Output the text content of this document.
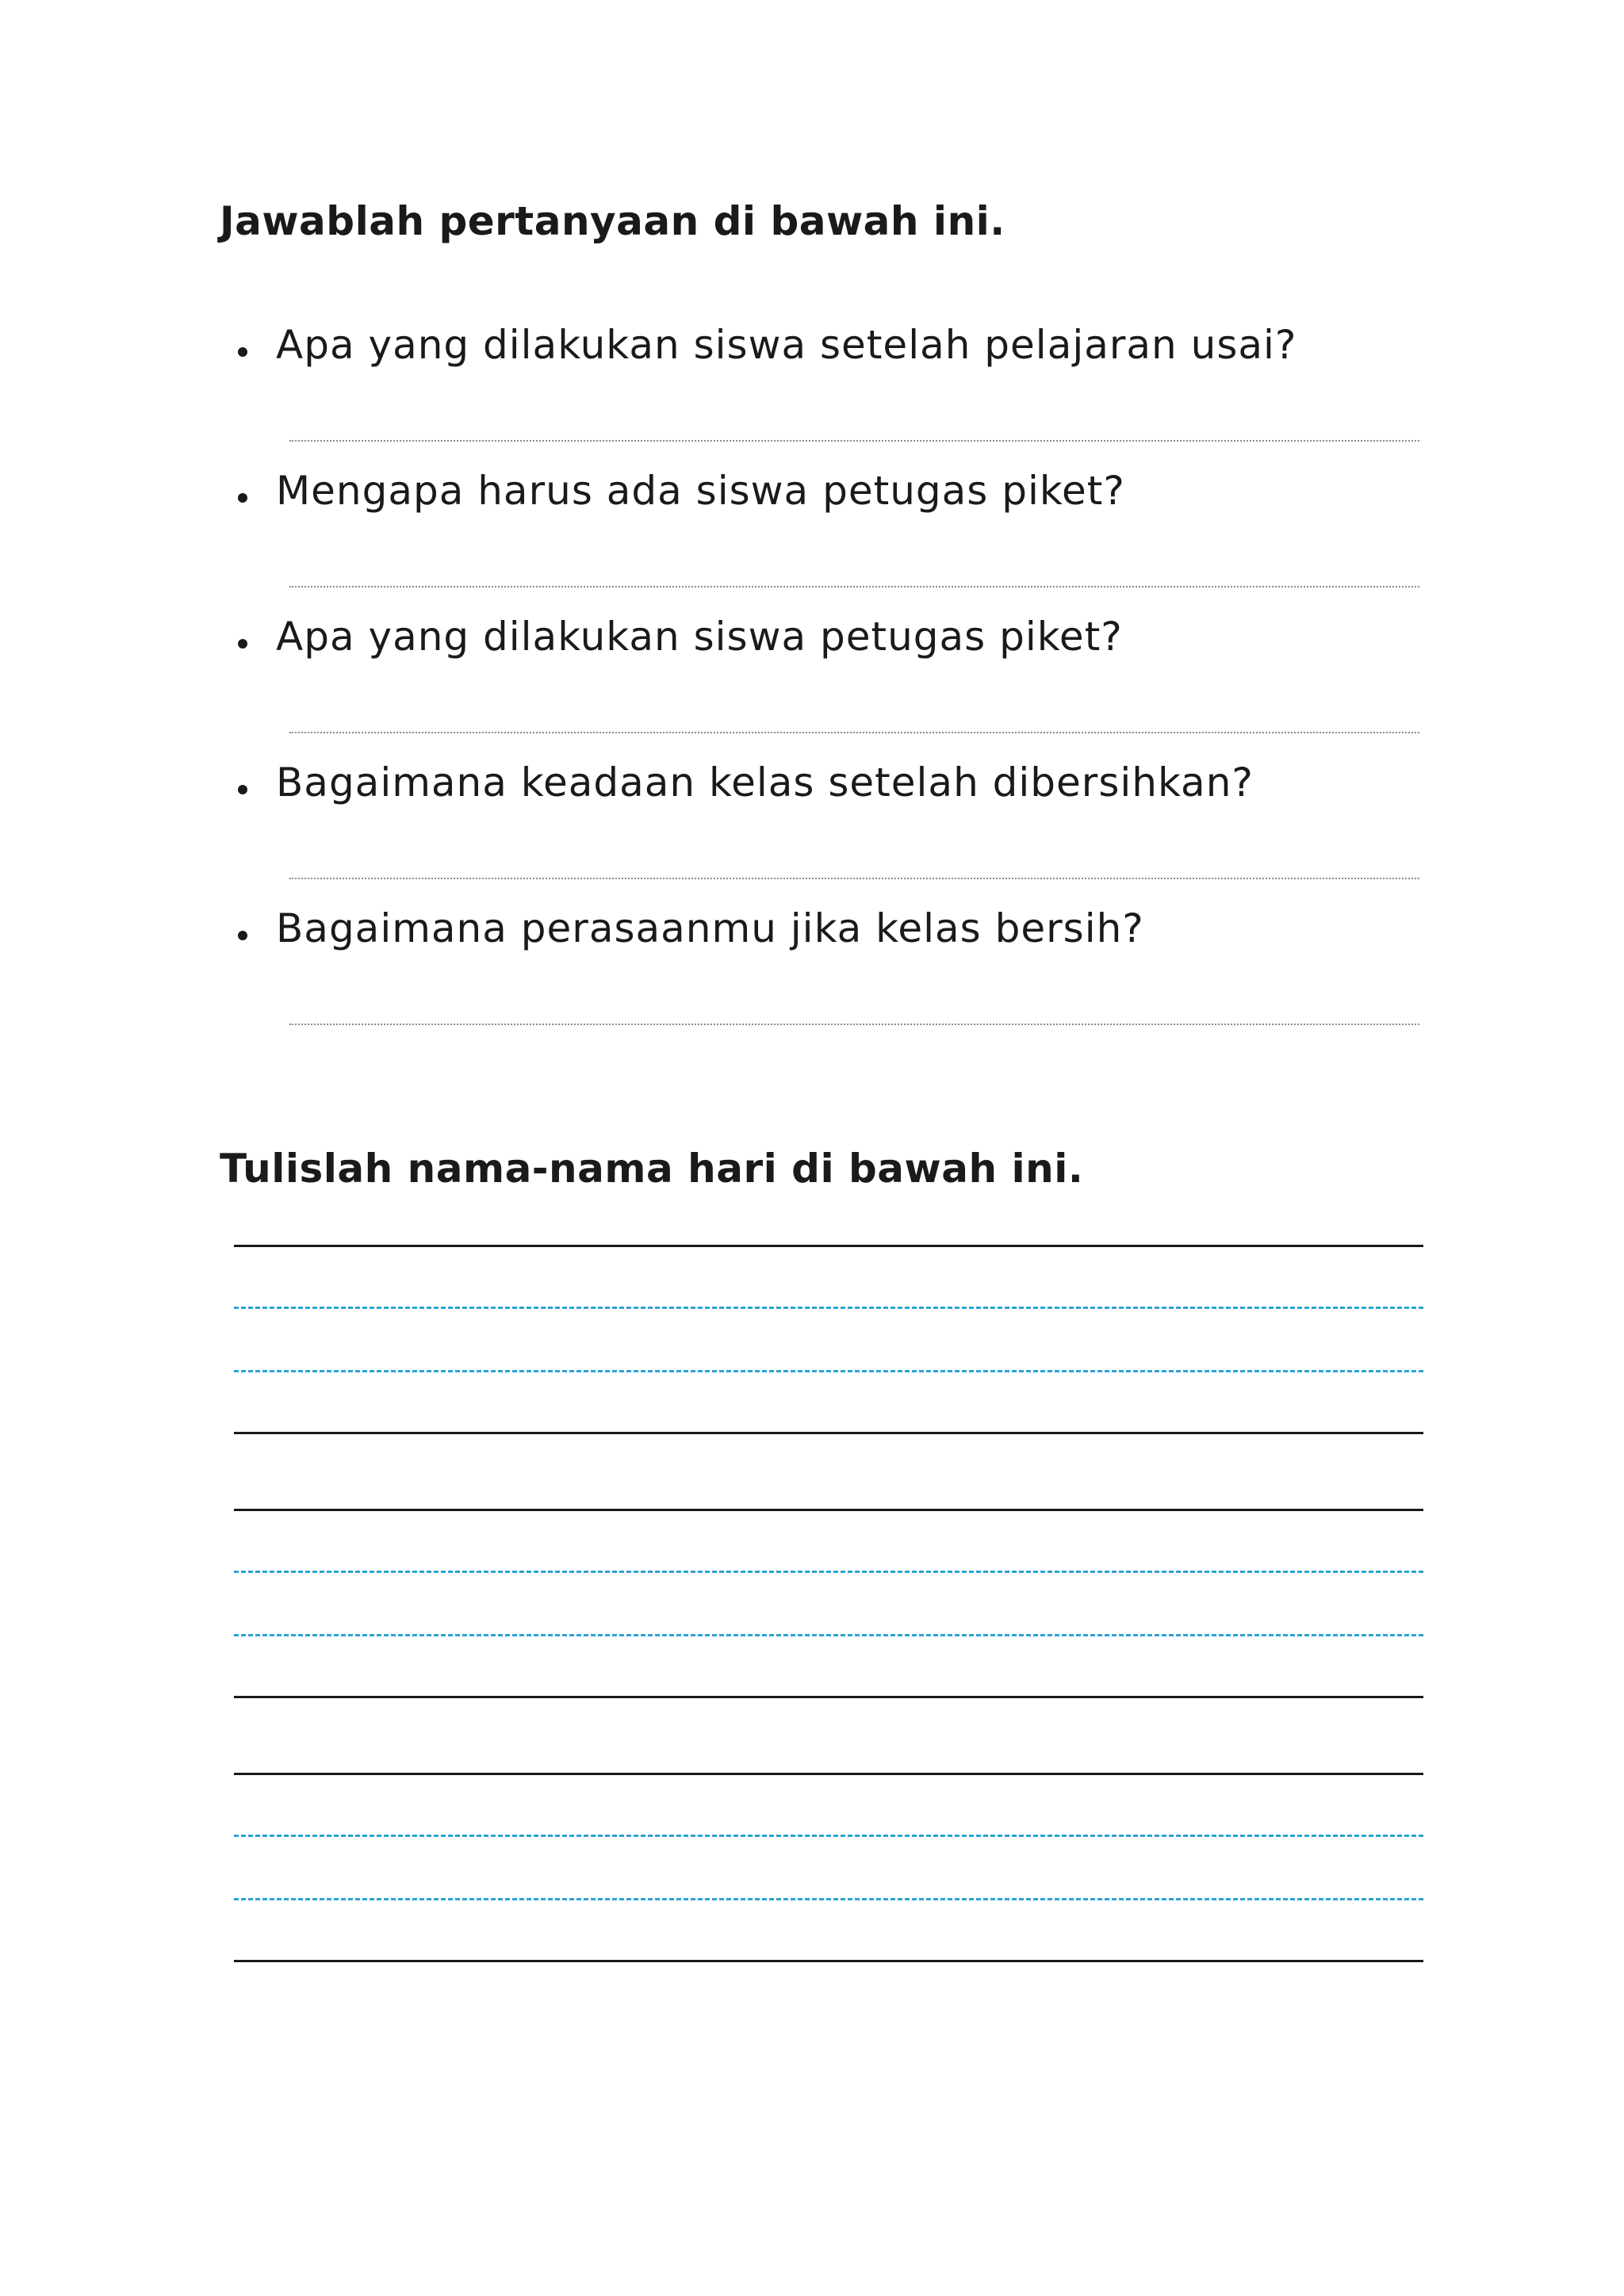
Jawablah pertanyaan di bawah ini.
Apa yang dilakukan siswa setelah pelajaran usai?
Mengapa harus ada siswa petugas piket?
Apa yang dilakukan siswa petugas piket?
Bagaimana keadaan kelas setelah dibersihkan?
Bagaimana perasaanmu jika kelas bersih?
Tulislah nama-nama hari di bawah ini.
